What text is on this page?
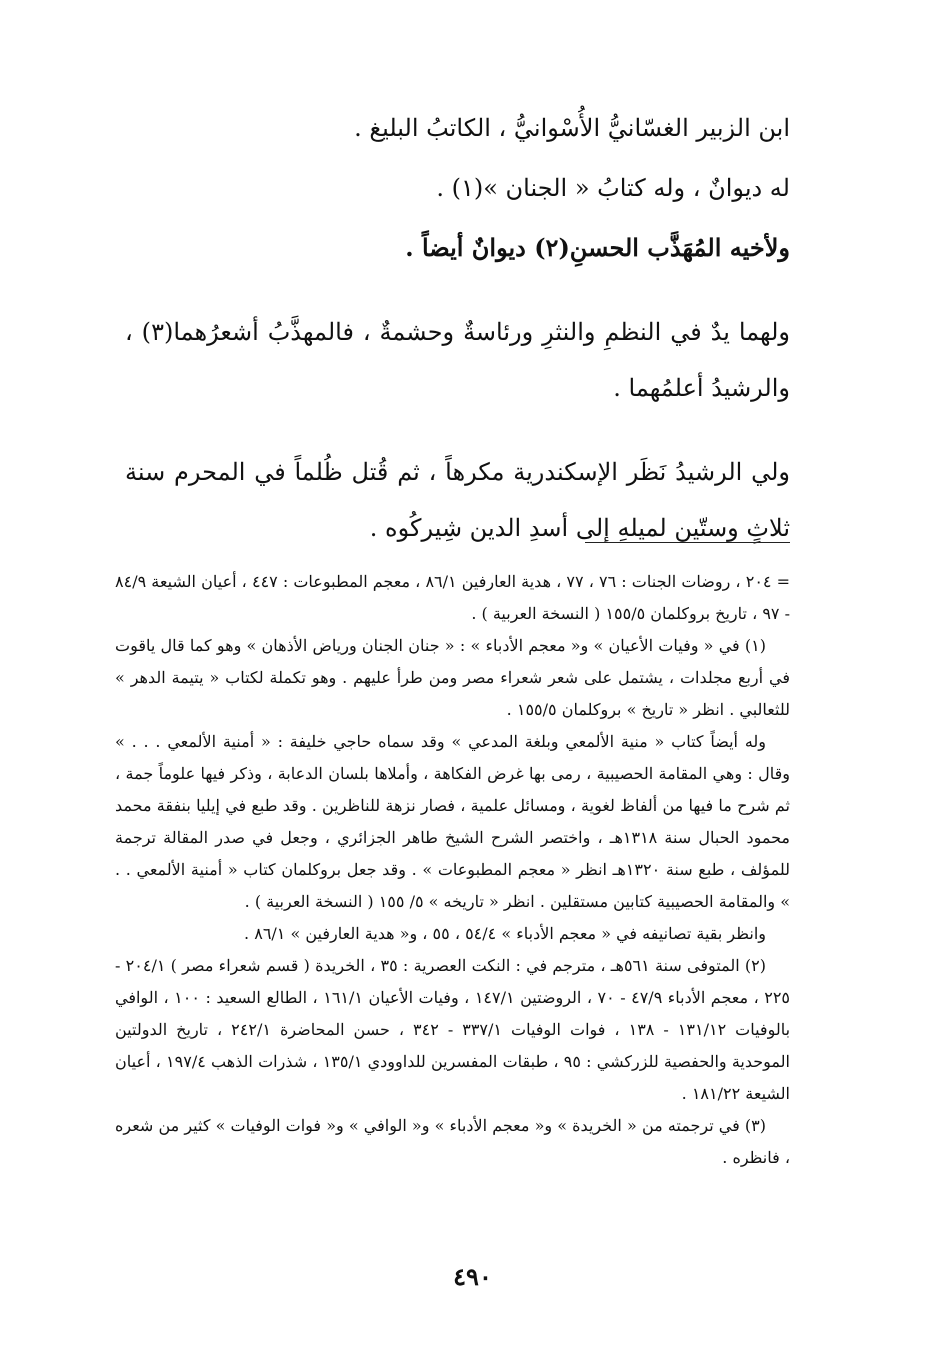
ابن الزبير الغسّانيُّ الأُسْوانيُّ ، الكاتبُ البليغ .

له ديوانٌ ، وله كتابُ « الجنان »(١) .

ولأخيه المُهَذَّب الحسنِ(٢) ديوانٌ أيضاً .

ولهما يدٌ في النظمِ والنثرِ ورئاسةٌ وحشمةٌ ، فالمهذَّبُ أشعرُهما(٣) ، والرشيدُ أعلمُهما .

ولي الرشيدُ نَظَر الإسكندرية مكرهاً ، ثم قُتل ظُلماً في المحرم سنة ثلاثٍ وستّين لميلهِ إلى أسدِ الدين شِيركُوه .

= ٢٠٤ ، روضات الجنات : ٧٦ ، ٧٧ ، هدية العارفين ٨٦/١ ، معجم المطبوعات : ٤٤٧ ، أعيان الشيعة ٨٤/٩ - ٩٧ ، تاريخ بروكلمان ١٥٥/٥ ( النسخة العربية ) .

(١) في « وفيات الأعيان » و« معجم الأدباء » : « جنان الجنان ورياض الأذهان » وهو كما قال ياقوت في أربع مجلدات ، يشتمل على شعر شعراء مصر ومن طرأ عليهم . وهو تكملة لكتاب « يتيمة الدهر » للثعالبي . انظر « تاريخ » بروكلمان ١٥٥/٥ .

وله أيضاً كتاب « منية الألمعي وبلغة المدعي » وقد سماه حاجي خليفة : « أمنية الألمعي . . . » وقال : وهي المقامة الحصيبية ، رمى بها غرض الفكاهة ، وأملاها بلسان الدعابة ، وذكر فيها علوماً جمة ، ثم شرح ما فيها من ألفاظ لغوية ، ومسائل علمية ، فصار نزهة للناظرين . وقد طبع في إيليا بنفقة محمد محمود الحبال سنة ١٣١٨هـ ، واختصر الشرح الشيخ طاهر الجزائري ، وجعل في صدر المقالة ترجمة للمؤلف ، طبع سنة ١٣٢٠هـ انظر « معجم المطبوعات » . وقد جعل بروكلمان كتاب « أمنية الألمعي . . » والمقامة الحصيبية كتابين مستقلين . انظر « تاريخه » ٥/ ١٥٥ ( النسخة العربية ) .

وانظر بقية تصانيفه في « معجم الأدباء » ٥٤/٤ ، ٥٥ ، و« هدية العارفين » ٨٦/١ .

(٢) المتوفى سنة ٥٦١هـ ، مترجم في : النكت العصرية : ٣٥ ، الخريدة ( قسم شعراء مصر ) ٢٠٤/١ - ٢٢٥ ، معجم الأدباء ٤٧/٩ - ٧٠ ، الروضتين ١٤٧/١ ، وفيات الأعيان ١٦١/١ ، الطالع السعيد : ١٠٠ ، الوافي بالوفيات ١٣١/١٢ - ١٣٨ ، فوات الوفيات ٣٣٧/١ - ٣٤٢ ، حسن المحاضرة ٢٤٢/١ ، تاريخ الدولتين الموحدية والحفصية للزركشي : ٩٥ ، طبقات المفسرين للداوودي ١٣٥/١ ، شذرات الذهب ١٩٧/٤ ، أعيان الشيعة ١٨١/٢٢ .

(٣) في ترجمته من « الخريدة » و« معجم الأدباء » و« الوافي » و« فوات الوفيات » كثير من شعره ، فانظره .

٤٩٠
